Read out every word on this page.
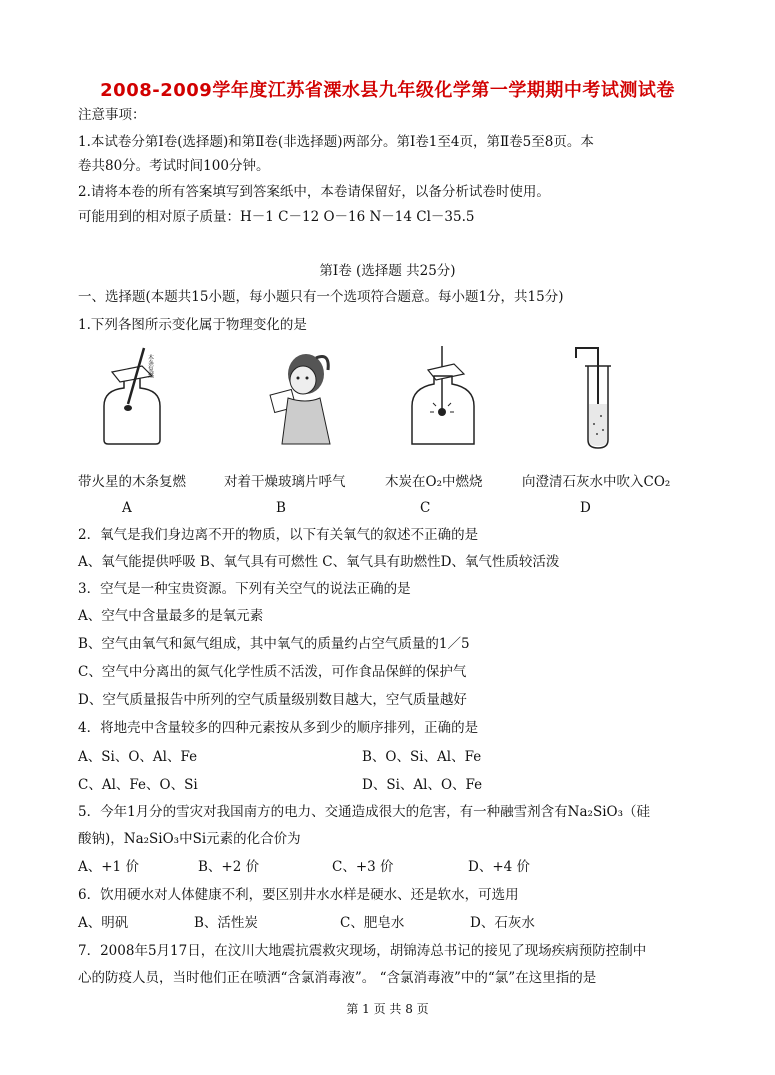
2008-2009学年度江苏省溧水县九年级化学第一学期期中考试测试卷
注意事项：
1.本试卷分第Ⅰ卷(选择题)和第Ⅱ卷(非选择题)两部分。第Ⅰ卷1至4页，第Ⅱ卷5至8页。本
卷共80分。考试时间100分钟。
2.请将本卷的所有答案填写到答案纸中，本卷请保留好，以备分析试卷时使用。
可能用到的相对原子质量：H－1 C－12 O－16 N－14 Cl－35.5
第Ⅰ卷 (选择题 共25分)
一、选择题(本题共15小题，每小题只有一个选项符合题意。每小题1分，共15分)
1.下列各图所示变化属于物理变化的是
木条复燃
带火星的木条复燃	对着干燥玻璃片呼气	木炭在O₂中燃烧	向澄清石灰水中吹入CO₂
A	B	C	D
2．氧气是我们身边离不开的物质，以下有关氧气的叙述不正确的是
A、氧气能提供呼吸 B、氧气具有可燃性 C、氧气具有助燃性D、氧气性质较活泼
3．空气是一种宝贵资源。下列有关空气的说法正确的是
A、空气中含量最多的是氧元素
B、空气由氧气和氮气组成，其中氧气的质量约占空气质量的1／5
C、空气中分离出的氮气化学性质不活泼，可作食品保鲜的保护气
D、空气质量报告中所列的空气质量级别数目越大，空气质量越好
4．将地壳中含量较多的四种元素按从多到少的顺序排列，正确的是
A、Si、O、Al、Fe	B、O、Si、Al、Fe
C、Al、Fe、O、Si	D、Si、Al、O、Fe
5．今年1月分的雪灾对我国南方的电力、交通造成很大的危害，有一种融雪剂含有Na₂SiO₃（硅
酸钠)，Na₂SiO₃中Si元素的化合价为
A、+1 价	B、+2 价	C、+3 价	D、+4 价
6．饮用硬水对人体健康不利，要区别井水水样是硬水、还是软水，可选用
A、明矾	B、活性炭	C、肥皂水	D、石灰水
7．2008年5月17日，在汶川大地震抗震救灾现场，胡锦涛总书记的接见了现场疾病预防控制中
心的防疫人员，当时他们正在喷洒“含氯消毒液”。 “含氯消毒液”中的“氯”在这里指的是
第 1 页 共 8 页
